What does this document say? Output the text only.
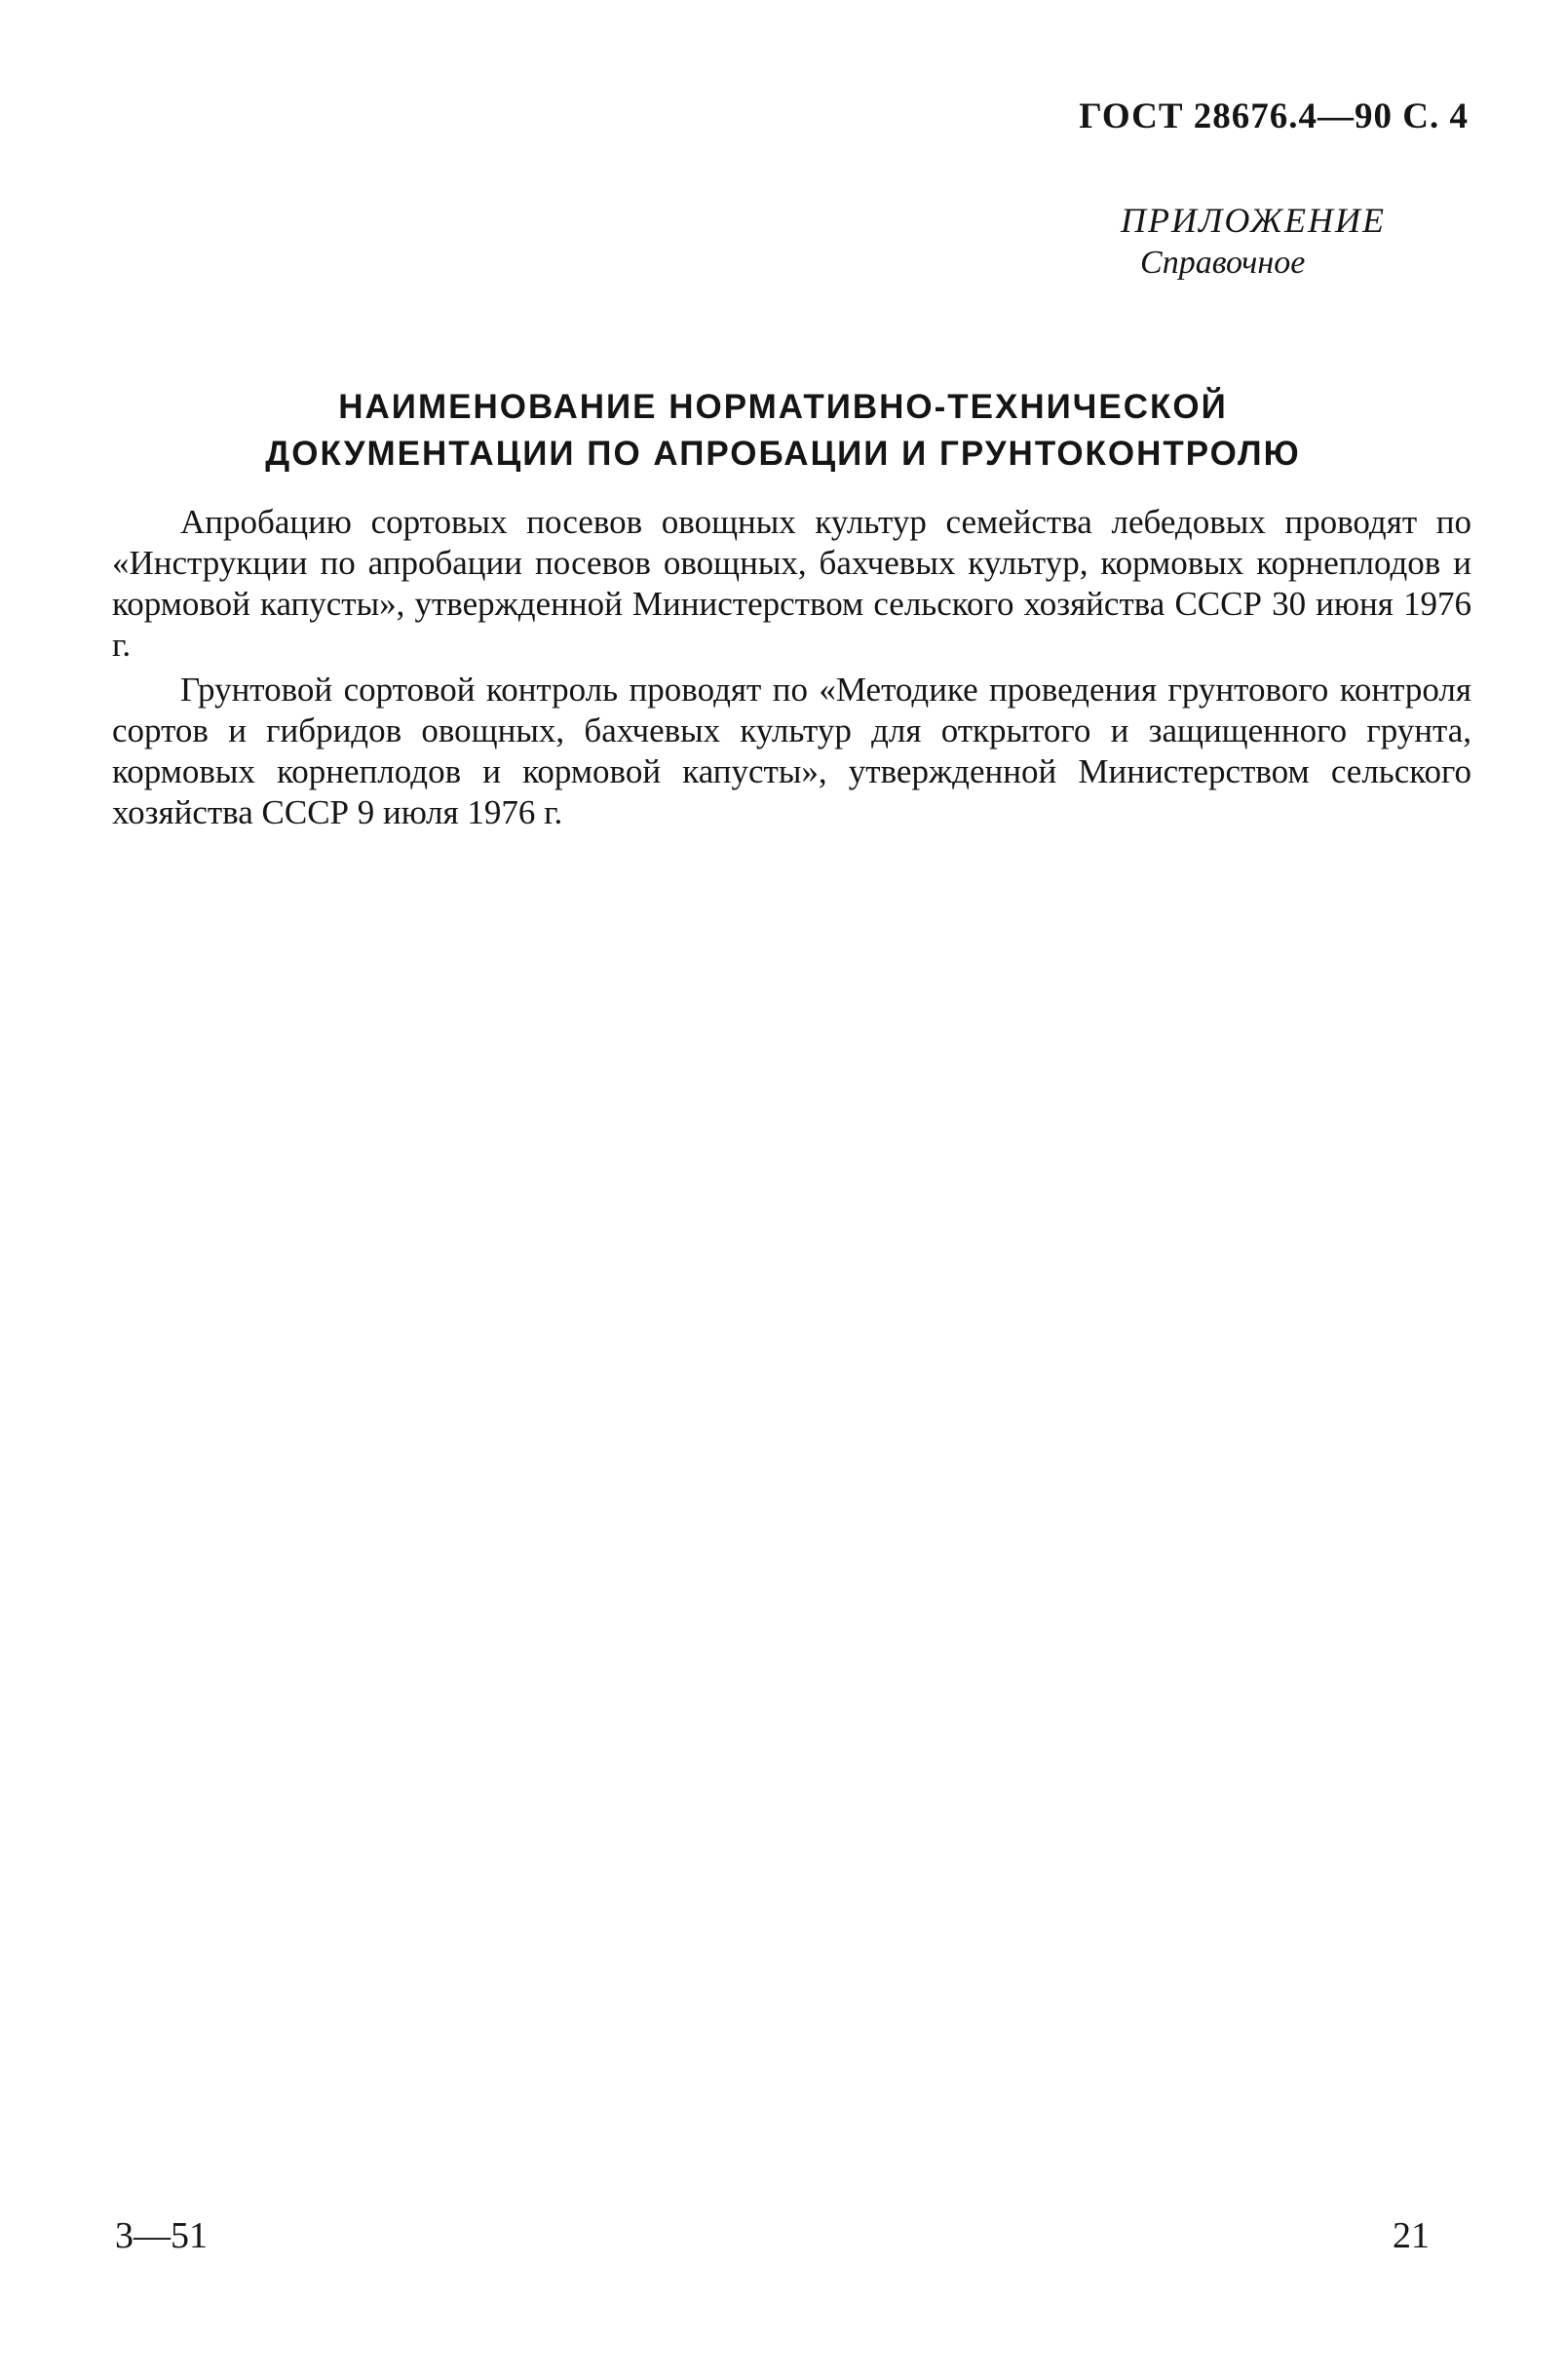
ГОСТ 28676.4—90 С. 4
ПРИЛОЖЕНИЕ
Справочное
НАИМЕНОВАНИЕ НОРМАТИВНО-ТЕХНИЧЕСКОЙ
ДОКУМЕНТАЦИИ ПО АПРОБАЦИИ И ГРУНТОКОНТРОЛЮ

Апробацию сортовых посевов овощных культур семейства лебедовых проводят по «Инструкции по апробации посевов овощных, бахчевых культур, кормовых корнеплодов и кормовой капусты», утвержденной Министерством сельского хозяйства СССР 30 июня 1976 г.

Грунтовой сортовой контроль проводят по «Методике проведения грунтового контроля сортов и гибридов овощных, бахчевых культур для открытого и защищенного грунта, кормовых корнеплодов и кормовой капусты», утвержденной Министерством сельского хозяйства СССР 9 июля 1976 г.

3—51	21
